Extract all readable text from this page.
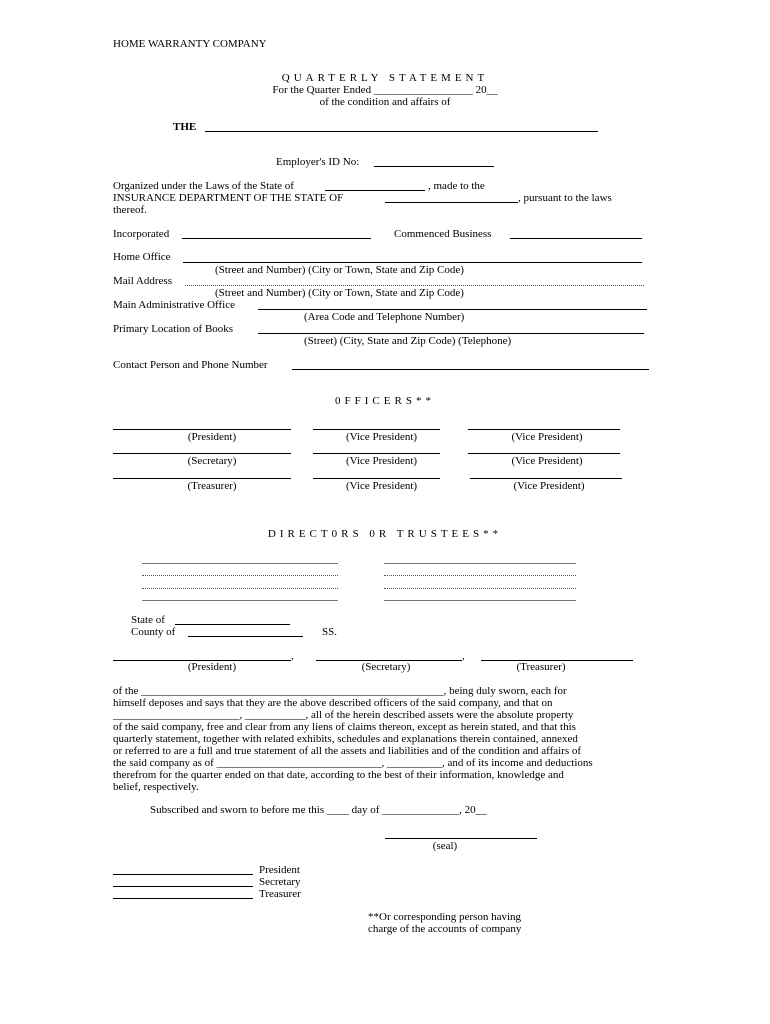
HOME WARRANTY COMPANY
QUARTERLY STATEMENT
For the Quarter Ended __________________ 20__
of the condition and affairs of
THE
Employer's ID No:
Organized under the Laws of the State of	, made to the
INSURANCE DEPARTMENT OF THE STATE OF	, pursuant to the laws
thereof.
Incorporated	Commenced Business
Home Office
(Street and Number) (City or Town, State and Zip Code)
Mail Address
(Street and Number) (City or Town, State and Zip Code)
Main Administrative Office
(Area Code and Telephone Number)
Primary Location of Books
(Street) (City, State and Zip Code) (Telephone)
Contact Person and Phone Number
0FFICERS**
(President)	(Vice President)	(Vice President)
(Secretary)	(Vice President)	(Vice President)
(Treasurer)	(Vice President)	(Vice President)
DIRECT0RS 0R TRUSTEES**
State of
County of	SS.
,	,
(President)	(Secretary)	(Treasurer)
of the _______________________________________________________, being duly sworn, each for
himself deposes and says that they are the above described officers of the said company, and that on
_______________________, ___________, all of the herein described assets were the absolute property
of the said company, free and clear from any liens of claims thereon, except as herein stated, and that this
quarterly statement, together with related exhibits, schedules and explanations therein contained, annexed
or referred to are a full and true statement of all the assets and liabilities and of the condition and affairs of
the said company as of ______________________________, __________, and of its income and deductions
therefrom for the quarter ended on that date, according to the best of their information, knowledge and
belief, respectively.
Subscribed and sworn to before me this ____ day of ______________, 20__
(seal)
President
Secretary
Treasurer
**Or corresponding person having
charge of the accounts of company
